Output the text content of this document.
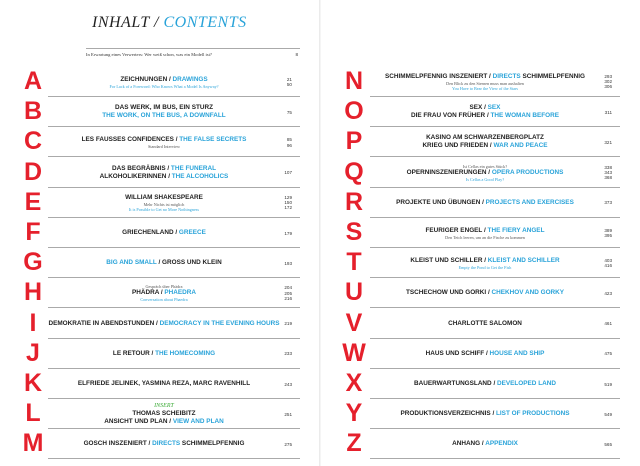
INHALT / CONTENTS
In Erwartung eines Verwerters: Wer weiß schon, was ein Modell ist?	8
A	ZEICHNUNGEN / DRAWINGS
For Lack of a Foreword: Who Knows What a Model Is Anyway?
21
50
B	DAS WERK, IM BUS, EIN STURZ
THE WORK, ON THE BUS, A DOWNFALL	75
C	LES FAUSSES CONFIDENCES / THE FALSE SECRETS
Standard Interview
85
96
D	DAS BEGRÄBNIS / THE FUNERAL
ALKOHOLIKERINNEN / THE ALCOHOLICS	107
E	WILLIAM SHAKESPEARE
Mehr Nichts ist möglich
It is Possible to Get no More Nothingness
129
150
172
F	GRIECHENLAND / GREECE	179
G	BIG AND SMALL / GROSS UND KLEIN	193
H	Gespräch über Phädra
PHÄDRA / PHAEDRA
Conversation about Phaedra
204
205
216
I	DEMOKRATIE IN ABENDSTUNDEN / DEMOCRACY IN THE EVENING HOURS	219
J	LE RETOUR / THE HOMECOMING	233
K	ELFRIEDE JELINEK, YASMINA REZA, MARC RAVENHILL	243
L	INSERT
THOMAS SCHEIBITZ
ANSICHT UND PLAN / VIEW AND PLAN
251
M	GOSCH INSZENIERT / DIRECTS SCHIMMELPFENNIG	275
N	SCHIMMELPFENNIG INSZENIERT / DIRECTS SCHIMMELPFENNIG
Den Blick zu den Sternen muss man aushalten
You Have to Bear the View of the Stars
293
302
306
O	SEX / SEX
DIE FRAU VON FRÜHER / THE WOMAN BEFORE	311
P	KASINO AM SCHWARZENBERGPLATZ
KRIEG UND FRIEDEN / WAR AND PEACE	321
Q	Ist Cellas ein gutes Stück?
OPERNINSZENIERUNGEN / OPERA PRODUCTIONS
Is Cellas a Good Play?
338
343
368
R	PROJEKTE UND ÜBUNGEN / PROJECTS AND EXERCISES	373
S	FEURIGER ENGEL / THE FIERY ANGEL
Den Teich leeren, um an die Fische zu kommen
389
395
T	KLEIST UND SCHILLER / KLEIST AND SCHILLER
Empty the Pond to Get the Fish
403
416
U	TSCHECHOW UND GORKI / CHEKHOV AND GORKY	423
V	CHARLOTTE SALOMON	461
W	HAUS UND SCHIFF / HOUSE AND SHIP	475
X	BAUERWARTUNGSLAND / DEVELOPED LAND	519
Y	PRODUKTIONSVERZEICHNIS / LIST OF PRODUCTIONS	549
Z	ANHANG / APPENDIX	565
